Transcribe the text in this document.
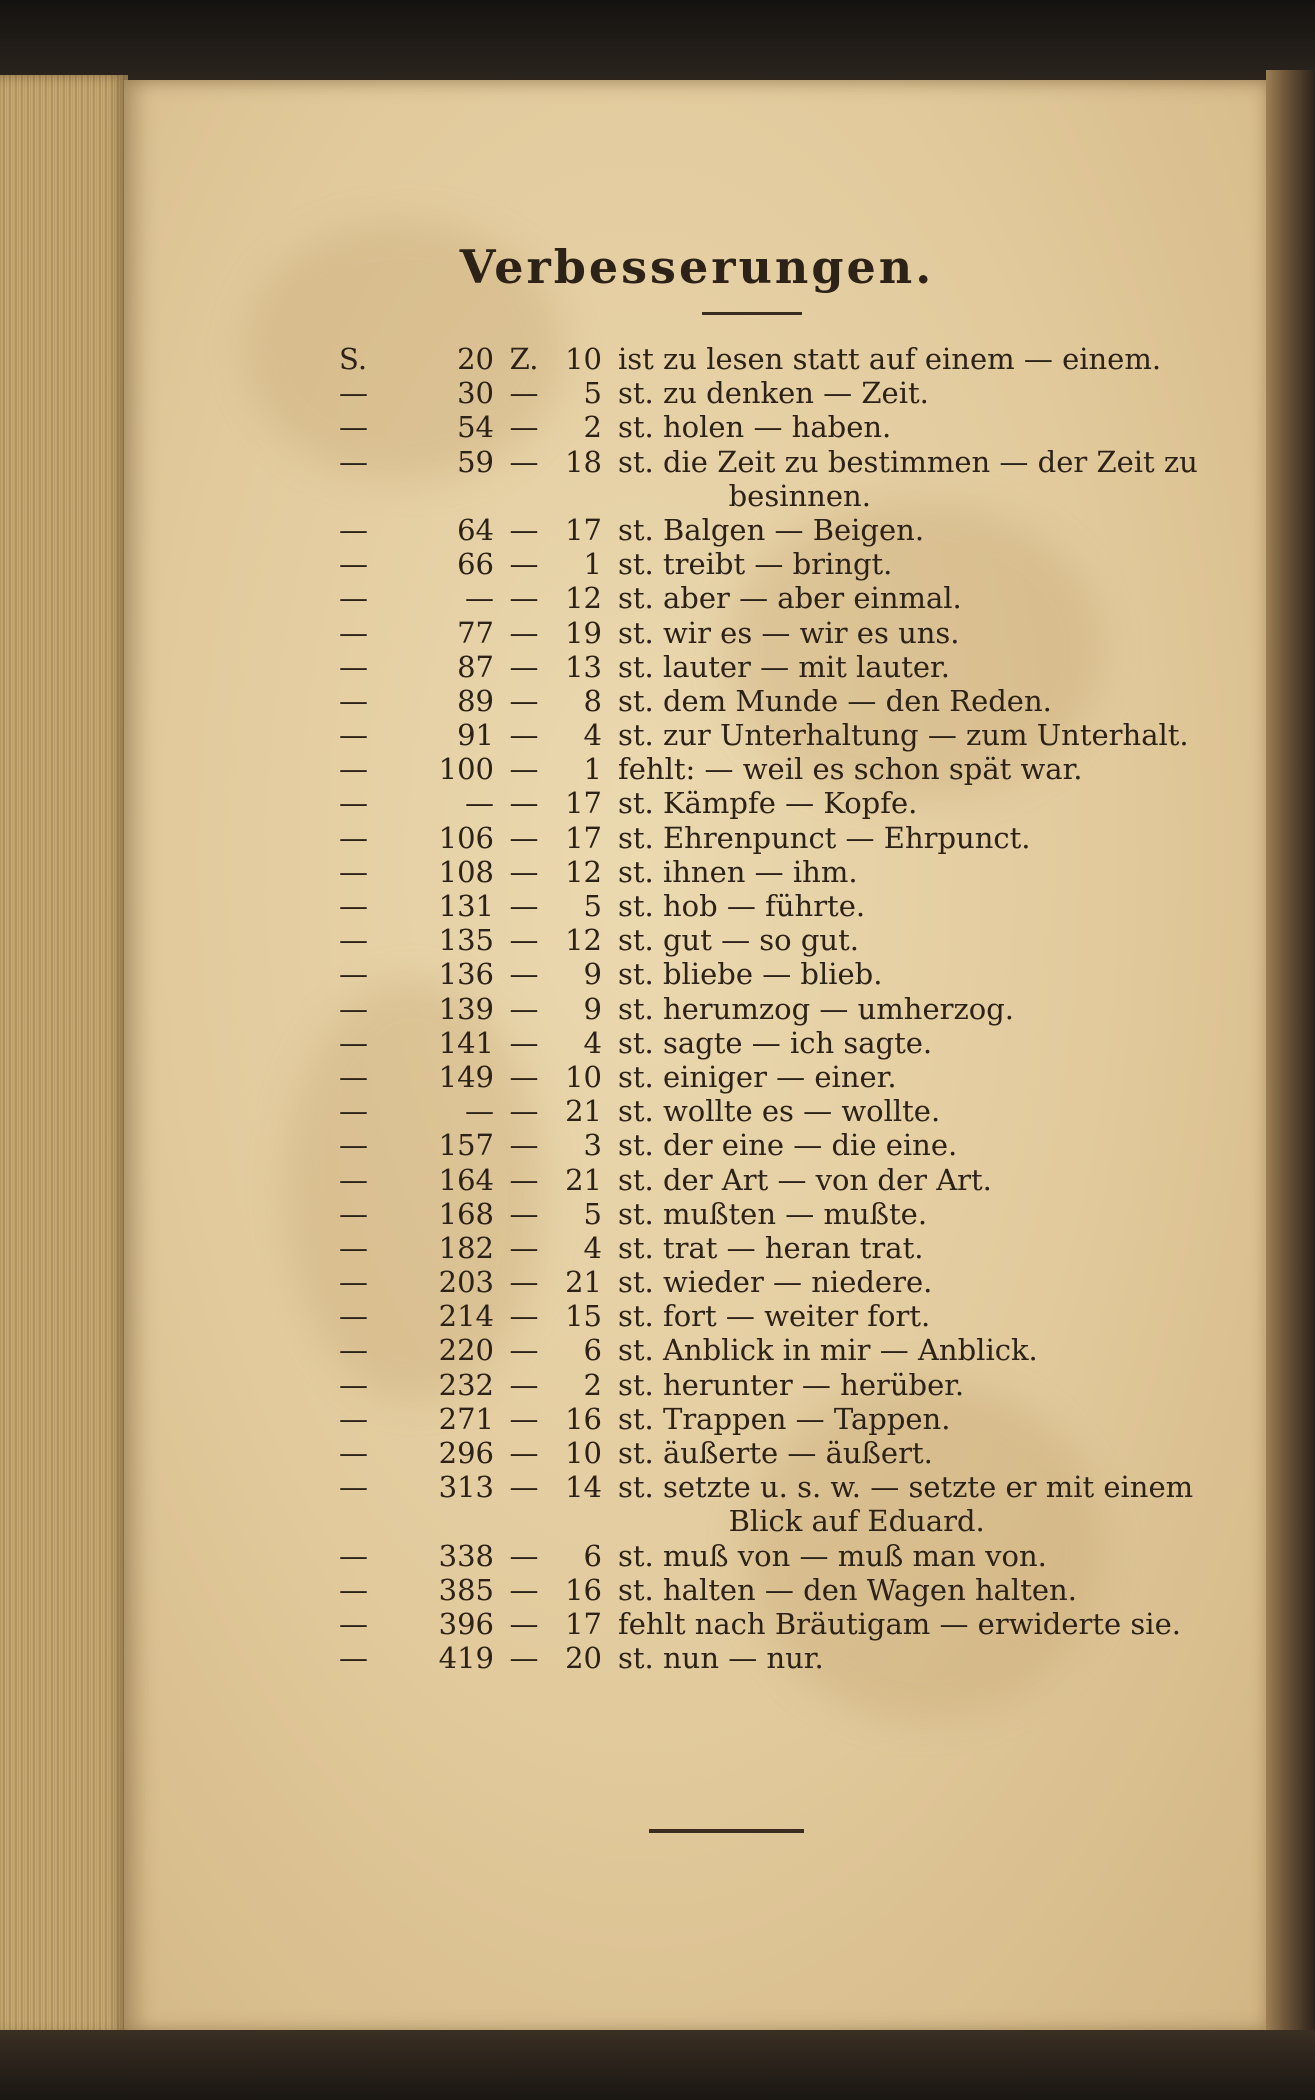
Verbesserungen.
S.	20 Z. 10 ist zu lesen statt auf einem — einem.
—	30 —	5 st. zu denken — Zeit.
—	54 —	2 st. holen — haben.
—	59 — 18 st. die Zeit zu bestimmen — der Zeit zu
besinnen.
—	64 — 17 st. Balgen — Beigen.
—	66 —	1 st. treibt — bringt.
—	— — 12 st. aber — aber einmal.
—	77 — 19 st. wir es — wir es uns.
—	87 — 13 st. lauter — mit lauter.
—	89 —	8 st. dem Munde — den Reden.
—	91 —	4 st. zur Unterhaltung — zum Unterhalt.
—	100 —	1 fehlt: — weil es schon spät war.
—	— — 17 st. Kämpfe — Kopfe.
—	106 — 17 st. Ehrenpunct — Ehrpunct.
—	108 — 12 st. ihnen — ihm.
—	131 —	5 st. hob — führte.
—	135 — 12 st. gut — so gut.
—	136 —	9 st. bliebe — blieb.
—	139 —	9 st. herumzog — umherzog.
—	141 —	4 st. sagte — ich sagte.
—	149 — 10 st. einiger — einer.
—	— — 21 st. wollte es — wollte.
—	157 —	3 st. der eine — die eine.
—	164 — 21 st. der Art — von der Art.
—	168 —	5 st. mußten — mußte.
—	182 —	4 st. trat — heran trat.
—	203 — 21 st. wieder — niedere.
—	214 — 15 st. fort — weiter fort.
—	220 —	6 st. Anblick in mir — Anblick.
—	232 —	2 st. herunter — herüber.
—	271 — 16 st. Trappen — Tappen.
—	296 — 10 st. äußerte — äußert.
—	313 — 14 st. setzte u. s. w. — setzte er mit einem
Blick auf Eduard.
—	338 —	6 st. muß von — muß man von.
—	385 — 16 st. halten — den Wagen halten.
—	396 — 17 fehlt nach Bräutigam — erwiderte sie.
—	419 — 20 st. nun — nur.
